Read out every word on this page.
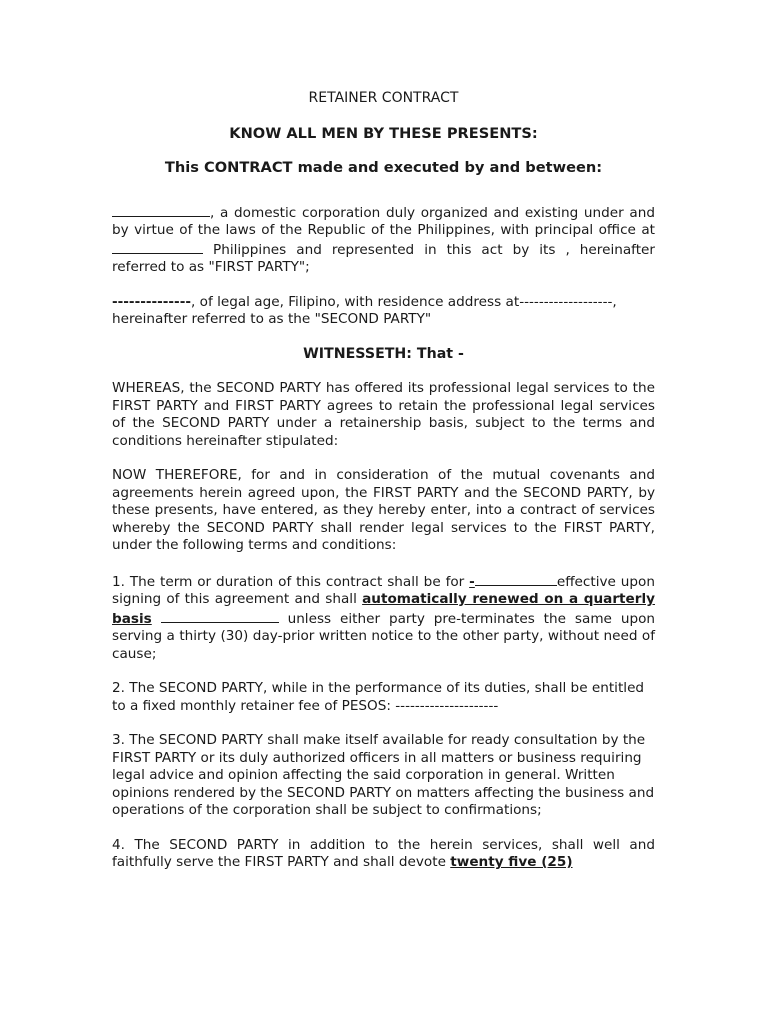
RETAINER CONTRACT

KNOW ALL MEN BY THESE PRESENTS:

This CONTRACT made and executed by and between:

, a domestic corporation duly organized and existing under and by virtue of the laws of the Republic of the Philippines, with principal office at  Philippines and represented in this act by its , hereinafter referred to as "FIRST PARTY";

--------------, of legal age, Filipino, with residence address at-------------------, hereinafter referred to as the "SECOND PARTY"

WITNESSETH: That -

WHEREAS, the SECOND PARTY has offered its professional legal services to the FIRST PARTY and FIRST PARTY agrees to retain the professional legal services of the SECOND PARTY under a retainership basis, subject to the terms and conditions hereinafter stipulated:

NOW THEREFORE, for and in consideration of the mutual covenants and agreements herein agreed upon, the FIRST PARTY and the SECOND PARTY, by these presents, have entered, as they hereby enter, into a contract of services whereby the SECOND PARTY shall render legal services to the FIRST PARTY, under the following terms and conditions:

1. The term or duration of this contract shall be for -	effective upon signing of this agreement and shall automatically renewed on a quarterly basis	unless either party pre-terminates the same upon serving a thirty (30) day-prior written notice to the other party, without need of cause;

2. The SECOND PARTY, while in the performance of its duties, shall be entitled to a fixed monthly retainer fee of PESOS: ---------------------

3. The SECOND PARTY shall make itself available for ready consultation by the FIRST PARTY or its duly authorized officers in all matters or business requiring legal advice and opinion affecting the said corporation in general. Written opinions rendered by the SECOND PARTY on matters affecting the business and operations of the corporation shall be subject to confirmations;

4. The SECOND PARTY in addition to the herein services, shall well and faithfully serve the FIRST PARTY and shall devote twenty five (25)
